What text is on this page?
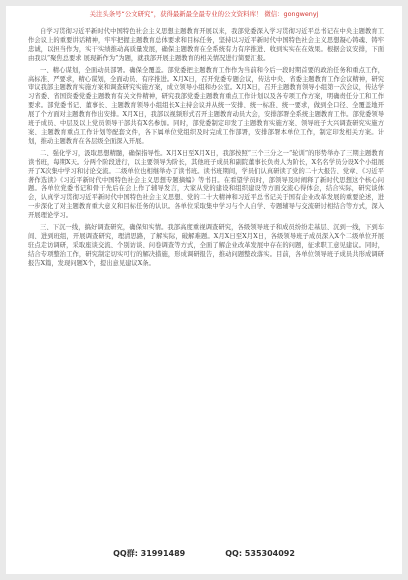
关注头条号“公文研究”，获得最新最全最专业的公文资料库！ 微信：gongwenyj

自学习贯彻习近平新时代中国特色社会主义思想主题教育开展以来，我部党委深入学习贯彻习近平总书记在中央主题教育工作会议上的重要讲话精神，牢牢把握主题教育总体要求和目标任务，坚持以习近平新时代中国特色社会主义思想凝心铸魂、铸牢忠诚，以担当作为，实干实绩推动高质量发展，确保主题教育在全系统有力有序推进、收到实实在在效果。根据会议安排，下面由我以“聚焦总要求 展现新作为”为题，就我部开展主题教育的相关情况进行简要汇报。

一、精心谋划，全面动员部署。确保全覆盖。部党委把主题教育工作作为当前和今后一段时期首要的政治任务和重点工作，高标准、严要求，精心谋划，全面动员、有序推进。X月X日，召开党委专题会议，传达中央、省委主题教育工作会议精神，研究审议我部主题教育实施方案和调查研究实施方案，成立领导小组和办公室。X月X日，召开主题教育领导小组第一次会议，传达学习省委、省国资委党委主题教育有关文件精神，研究我部党委主题教育重点工作计划以及各专项工作方案，明确责任分工和工作要求。部党委书记、董事长、主题教育领导小组组长X主持会议并从统一安排、统一标准、统一要求，做到全口径、全覆盖地开展了个方面对主题教育作出安排。X月X日，我部以视频形式召开主题教育动员大会，安排部署全系统主题教育工作。部党委领导班子成员、中层及以上党员领导干部共有X名参加。同时，部党委制定印发了主题教育实施方案、领导班子大兴调查研究实施方案、主题教育重点工作计划等配套文件，各下属单位党组织及时完成工作部署，安排部署本单位工作，制定印发相关方案。计划，推动主题教育在各层级全面深入开展。

二、强化学习，汲取思想精髓，确保指导性。X月X日至X月X日，我部按照“三个三分之一“轮训”的形势举办了三期主题教育读书班，每期X天。分两个阶段进行，以主要领导为阶长，其他班子成员和副院董事长负责人为阶长，X名名学员分设X个小组展开了X次集中学习和讨论交流。二级单位也相继举办了读书班。读书班期间，学员们认真研读了党的二十大报告、党章、《习近平著作选读》《习近平新时代中国特色社会主义思想专题摘编》等书目。在看望学员时，部领导及时阐释了新时代思想这个核心问题。各单位党委书记和骨干先后在会上作了辅导发言，大家从党的建设和组织建设等方面交流心得体会，结合实际，研究谈体会，认真学习贯彻习近平新时代中国特色社会主义思想、党的二十大精神和习近平总书记关于国有企业改革发展的重要论述，进一步深化了对主题教育重大意义和目标任务的认识。各单位采取集中学习与个人自学、专题辅导与交流研讨相结合等方式，深入开展理论学习。

三、下沉一线，搞好调查研究，确保知实情。我部高度重视调查研究，各级领导班子和成员纷纷走基层、沉到一线，下到车间、进到班组，开展调查研究，理清思路，了解实际，破解难题。X月X日至X月X日，各级领导班子成员深入X个二级单位开展驻点走访调研，采取座谈交流、个别访谈、问卷调查等方式，全面了解企业改革发展中存在的问题，征求职工意见建议。同时，结合专项整治工作，研究制定切实可行的解决措施，形成调研报告，推动问题整改落实。目前，各单位领导班子成员共形成调研报告X篇，发现问题X个，提出意见建议X条。

QQ群: 31991489	QQ: 535304092
